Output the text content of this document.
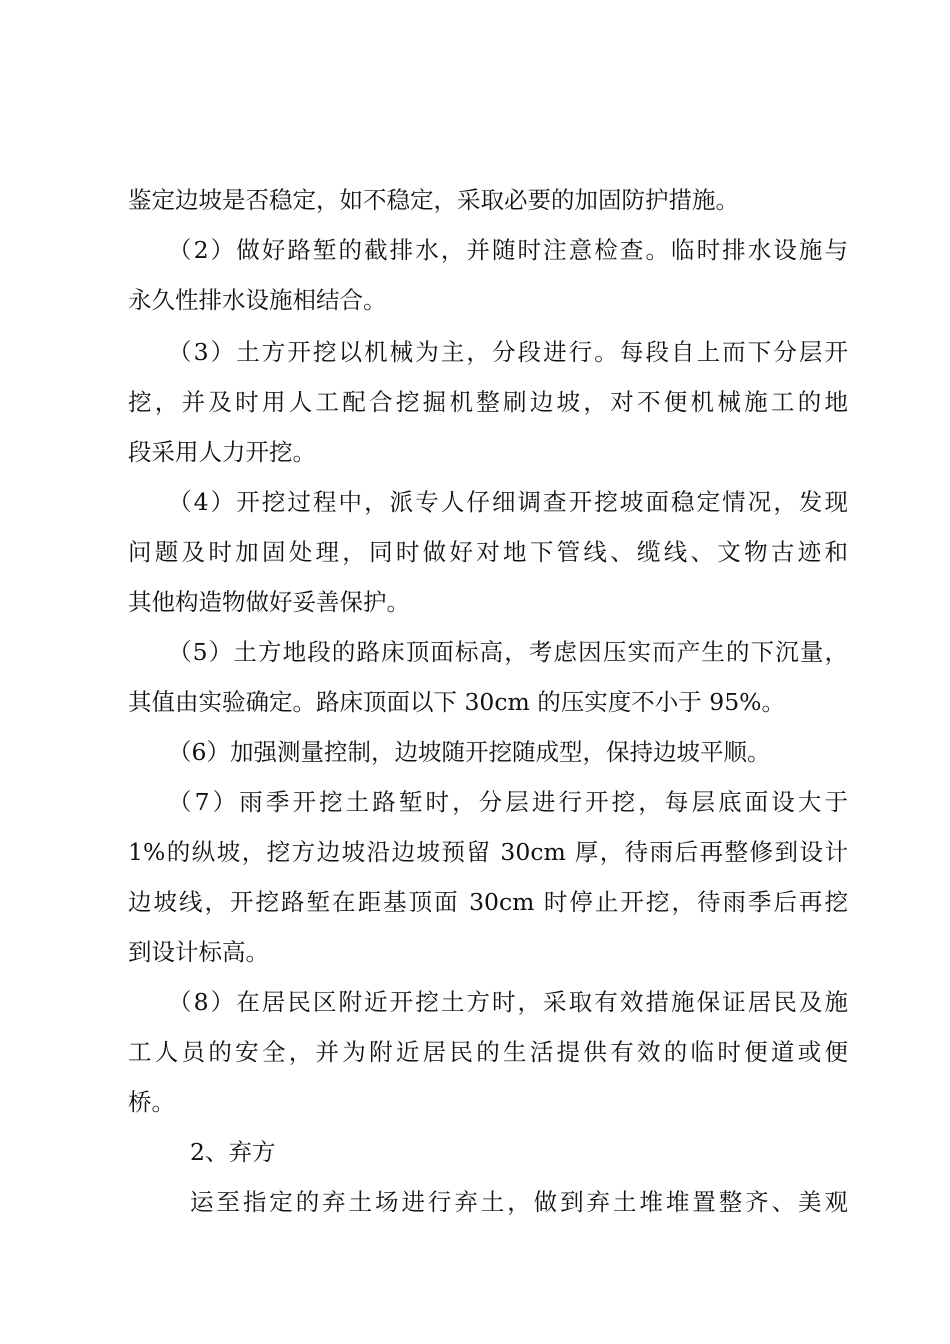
鉴定边坡是否稳定，如不稳定，采取必要的加固防护措施。
（2）做好路堑的截排水，并随时注意检查。临时排水设施与
永久性排水设施相结合。
（3）土方开挖以机械为主，分段进行。每段自上而下分层开
挖，并及时用人工配合挖掘机整刷边坡，对不便机械施工的地
段采用人力开挖。
（4）开挖过程中，派专人仔细调查开挖坡面稳定情况，发现
问题及时加固处理，同时做好对地下管线、缆线、文物古迹和
其他构造物做好妥善保护。
（5）土方地段的路床顶面标高，考虑因压实而产生的下沉量，
其值由实验确定。路床顶面以下 30cm 的压实度不小于 95%。
（6）加强测量控制，边坡随开挖随成型，保持边坡平顺。
（7）雨季开挖土路堑时，分层进行开挖，每层底面设大于
1%的纵坡，挖方边坡沿边坡预留 30cm 厚，待雨后再整修到设计
边坡线，开挖路堑在距基顶面 30cm 时停止开挖，待雨季后再挖
到设计标高。
（8）在居民区附近开挖土方时，采取有效措施保证居民及施
工人员的安全，并为附近居民的生活提供有效的临时便道或便
桥。
2、弃方
运至指定的弃土场进行弃土，做到弃土堆堆置整齐、美观
